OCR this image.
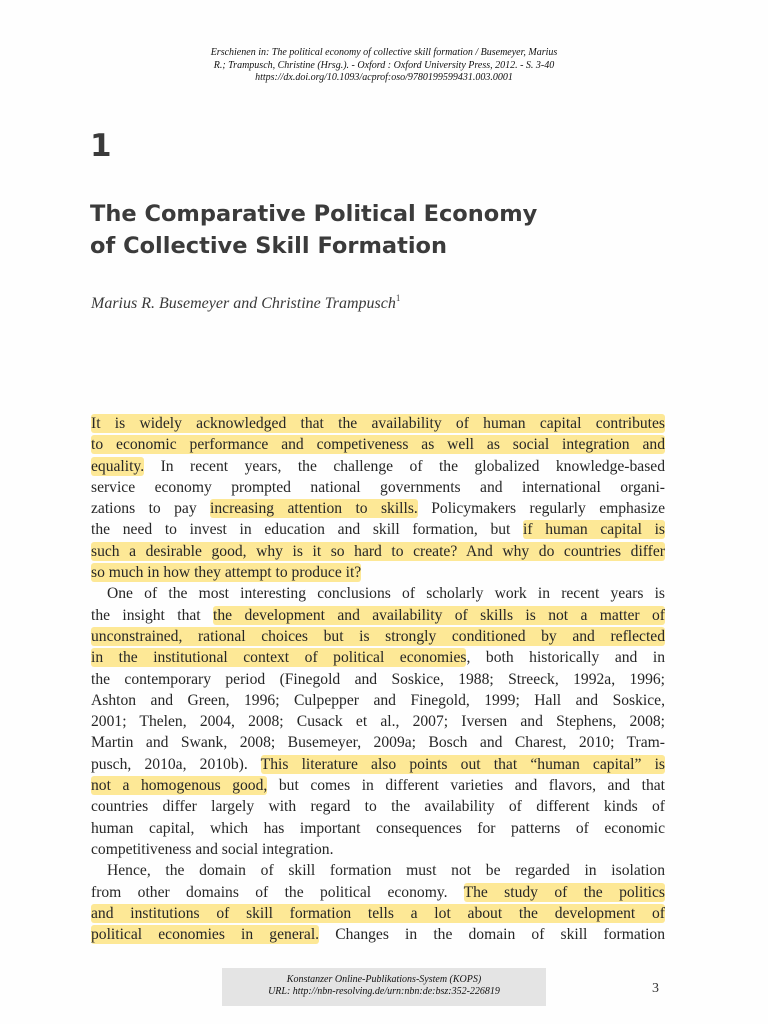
Erschienen in: The political economy of collective skill formation / Busemeyer, Marius
R.; Trampusch, Christine (Hrsg.). - Oxford : Oxford University Press, 2012. - S. 3-40
https://dx.doi.org/10.1093/acprof:oso/9780199599431.003.0001
1
The Comparative Political Economy
of Collective Skill Formation
Marius R. Busemeyer and Christine Trampusch$^1$
It is widely acknowledged that the availability of human capital contributes
to economic performance and competiveness as well as social integration and
equality. In recent years, the challenge of the globalized knowledge-based
service economy prompted national governments and international organi-
zations to pay increasing attention to skills. Policymakers regularly emphasize
the need to invest in education and skill formation, but if human capital is
such a desirable good, why is it so hard to create? And why do countries differ
so much in how they attempt to produce it?
One of the most interesting conclusions of scholarly work in recent years is
the insight that the development and availability of skills is not a matter of
unconstrained, rational choices but is strongly conditioned by and reflected
in the institutional context of political economies, both historically and in
the contemporary period (Finegold and Soskice, 1988; Streeck, 1992a, 1996;
Ashton and Green, 1996; Culpepper and Finegold, 1999; Hall and Soskice,
2001; Thelen, 2004, 2008; Cusack et al., 2007; Iversen and Stephens, 2008;
Martin and Swank, 2008; Busemeyer, 2009a; Bosch and Charest, 2010; Tram-
pusch, 2010a, 2010b). This literature also points out that “human capital” is
not a homogenous good, but comes in different varieties and flavors, and that
countries differ largely with regard to the availability of different kinds of
human capital, which has important consequences for patterns of economic
competitiveness and social integration.
Hence, the domain of skill formation must not be regarded in isolation
from other domains of the political economy. The study of the politics
and institutions of skill formation tells a lot about the development of
political economies in general. Changes in the domain of skill formation
Konstanzer Online-Publikations-System (KOPS)
URL: http://nbn-resolving.de/urn:nbn:de:bsz:352-226819	3
